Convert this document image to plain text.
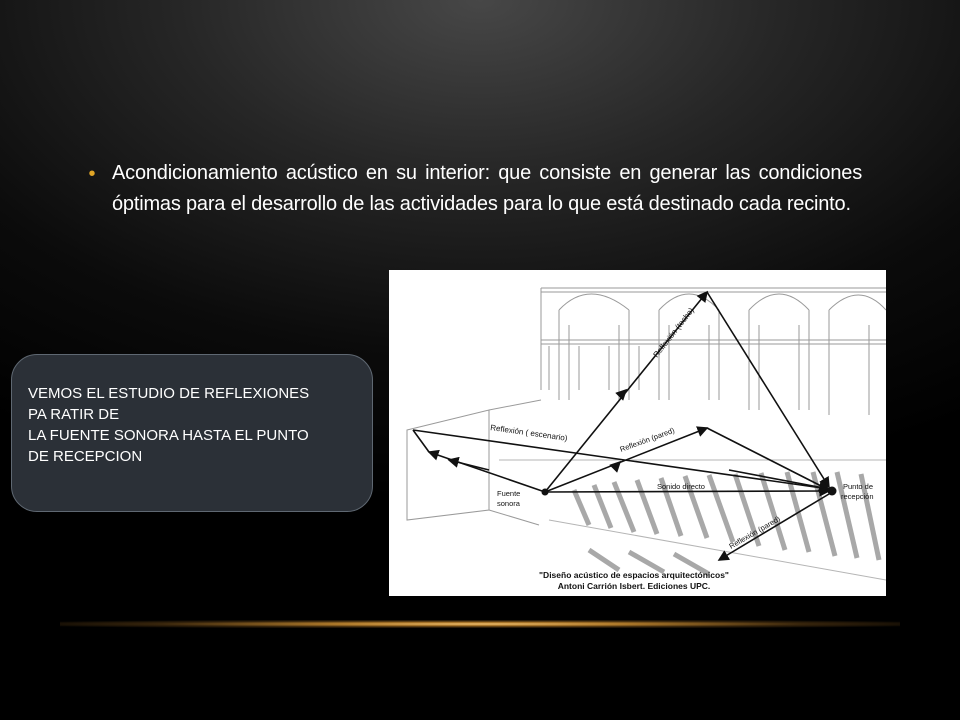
• Acondicionamiento acústico en su interior: que consiste en generar las condiciones óptimas para el desarrollo de las actividades para lo que está destinado cada recinto.
VEMOS EL ESTUDIO DE REFLEXIONES
PA RATIR DE
LA FUENTE SONORA HASTA EL PUNTO
DE RECEPCION
Reflexión (techo)
Reflexión ( escenario)	Reflexión (pared)
Sonido directo
Reflexión (pared)
Fuente
sonora
Punto de
recepción
"Diseño acústico de espacios arquitectónicos"
Antoni Carrión Isbert. Ediciones UPC.
